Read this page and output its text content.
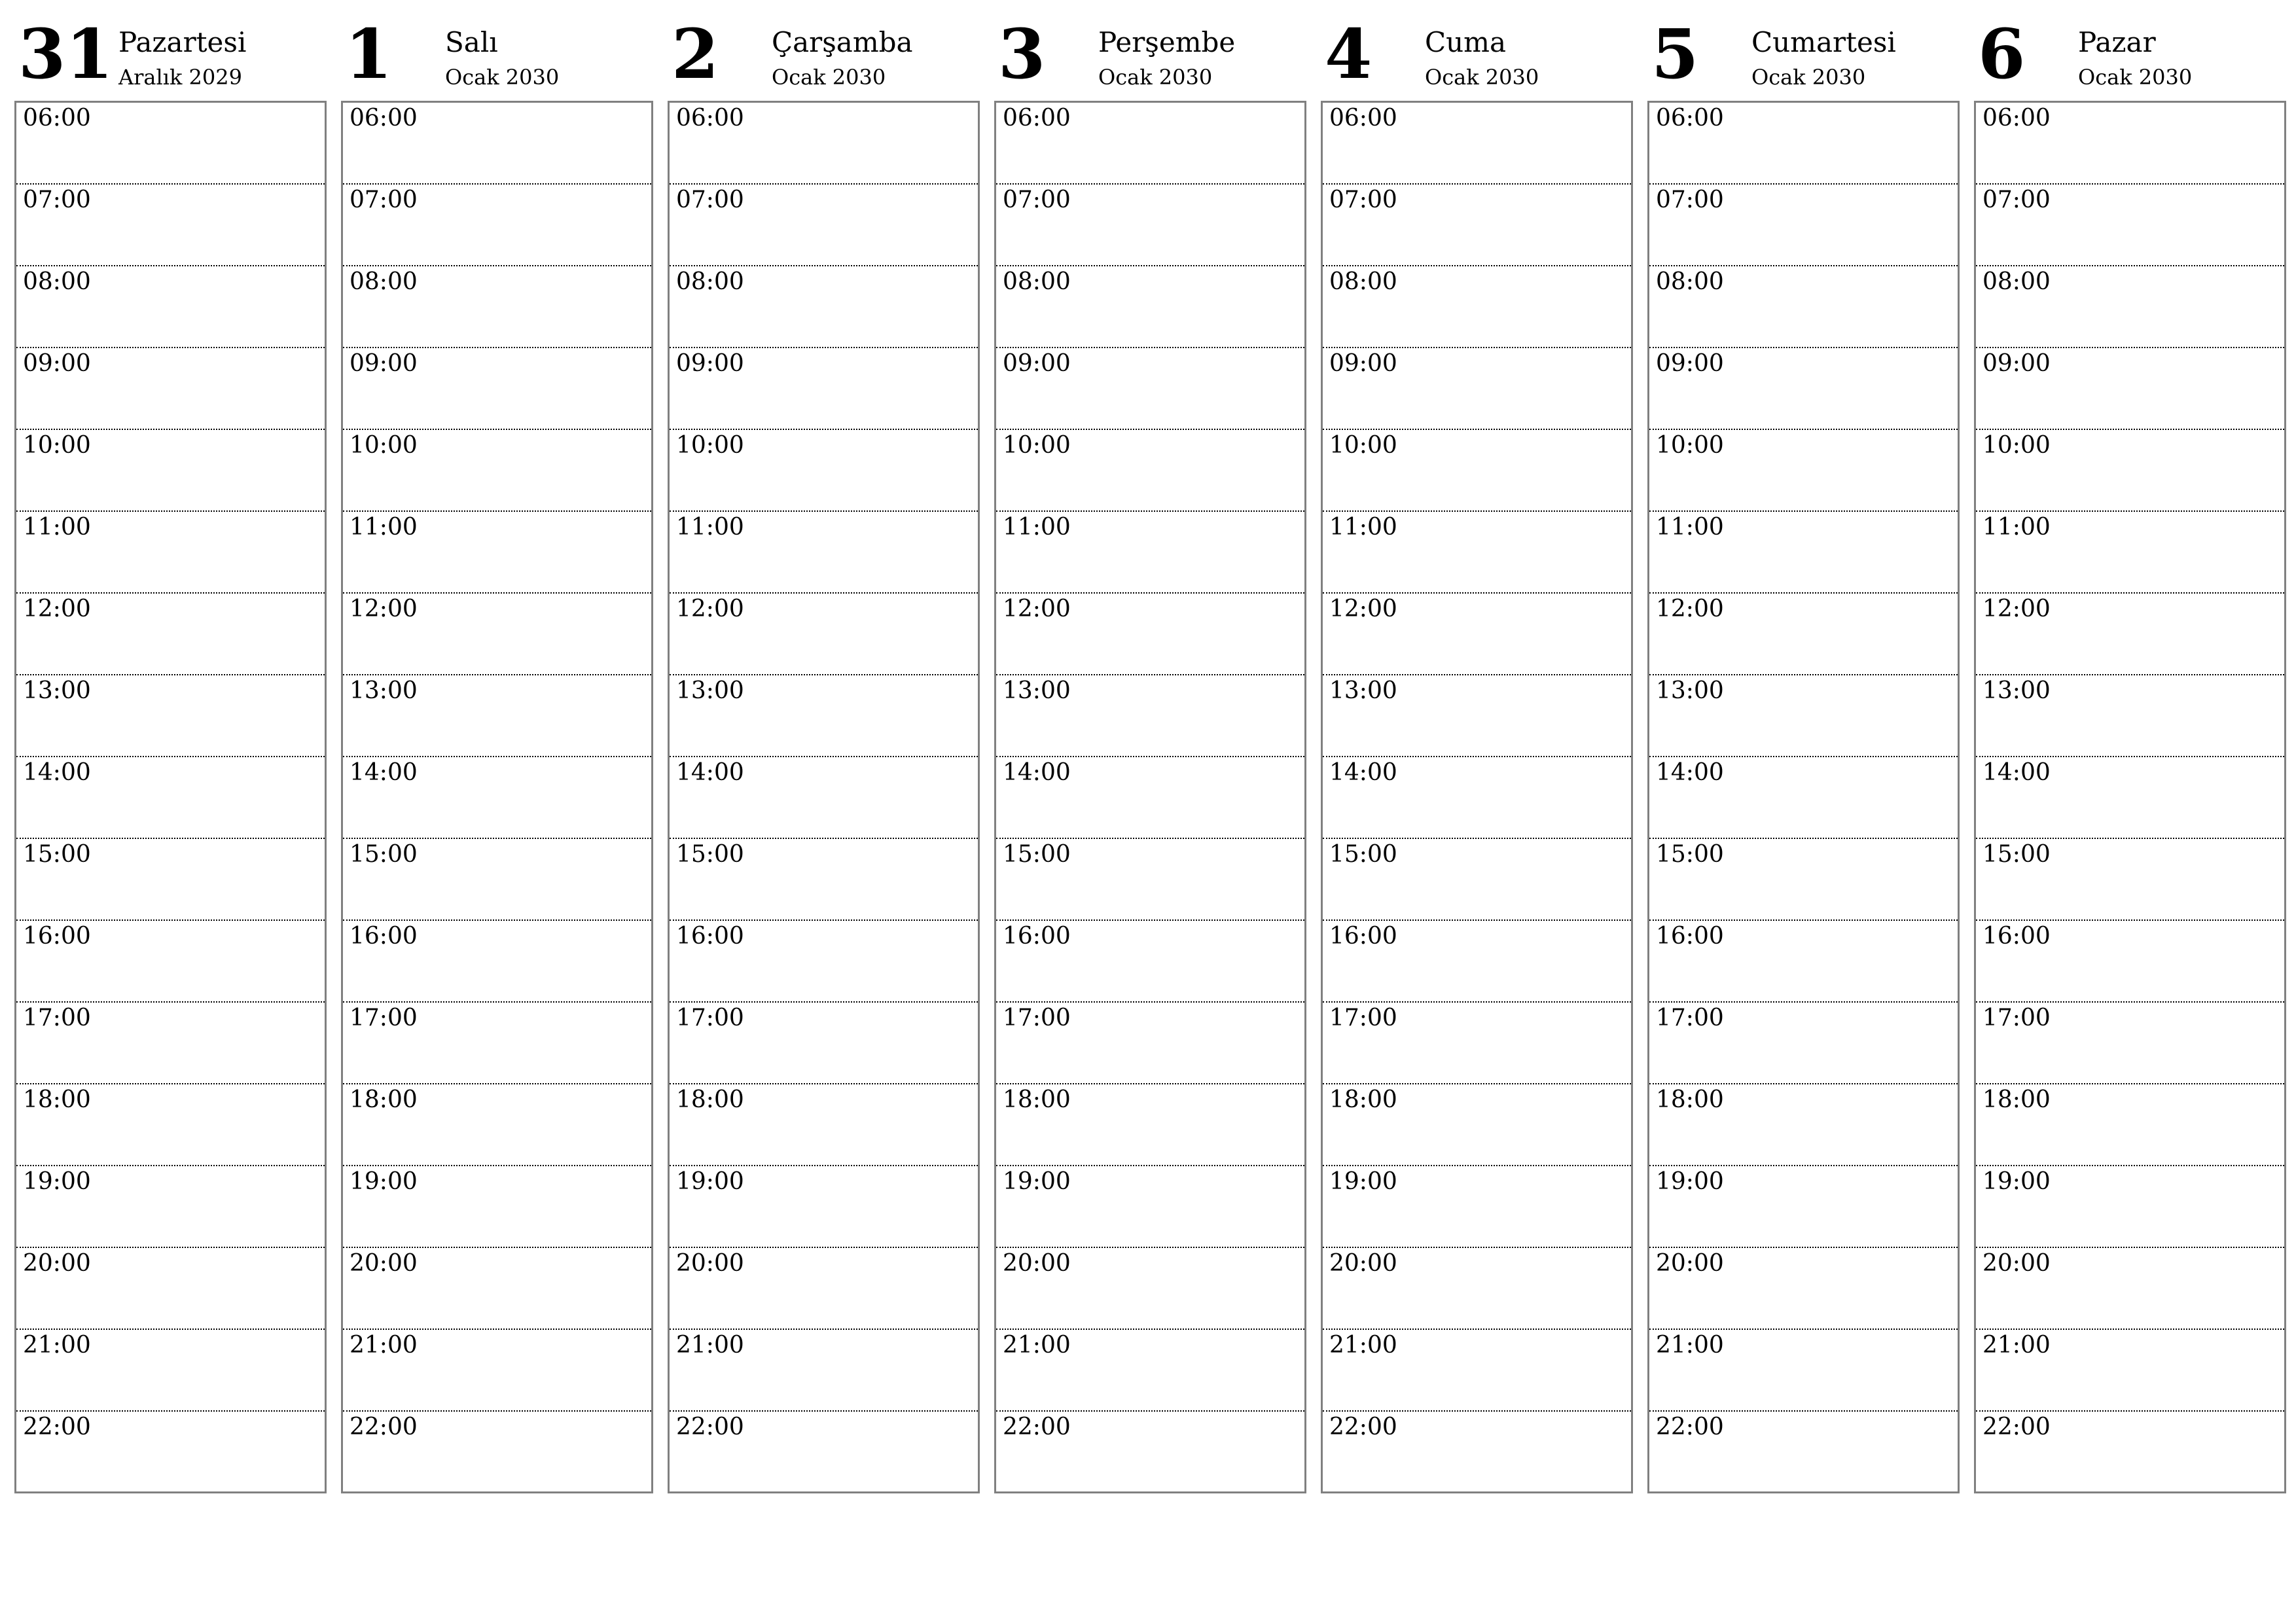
31 Pazartesi
Aralık 2029
06:00
07:00
08:00
09:00
10:00
11:00
12:00
13:00
14:00
15:00
16:00
17:00
18:00
19:00
20:00
21:00
22:00
1 Salı
Ocak 2030
06:00
07:00
08:00
09:00
10:00
11:00
12:00
13:00
14:00
15:00
16:00
17:00
18:00
19:00
20:00
21:00
22:00
2 Çarşamba
Ocak 2030
06:00
07:00
08:00
09:00
10:00
11:00
12:00
13:00
14:00
15:00
16:00
17:00
18:00
19:00
20:00
21:00
22:00
3 Perşembe
Ocak 2030
06:00
07:00
08:00
09:00
10:00
11:00
12:00
13:00
14:00
15:00
16:00
17:00
18:00
19:00
20:00
21:00
22:00
4 Cuma
Ocak 2030
06:00
07:00
08:00
09:00
10:00
11:00
12:00
13:00
14:00
15:00
16:00
17:00
18:00
19:00
20:00
21:00
22:00
5 Cumartesi
Ocak 2030
06:00
07:00
08:00
09:00
10:00
11:00
12:00
13:00
14:00
15:00
16:00
17:00
18:00
19:00
20:00
21:00
22:00
6 Pazar
Ocak 2030
06:00
07:00
08:00
09:00
10:00
11:00
12:00
13:00
14:00
15:00
16:00
17:00
18:00
19:00
20:00
21:00
22:00
